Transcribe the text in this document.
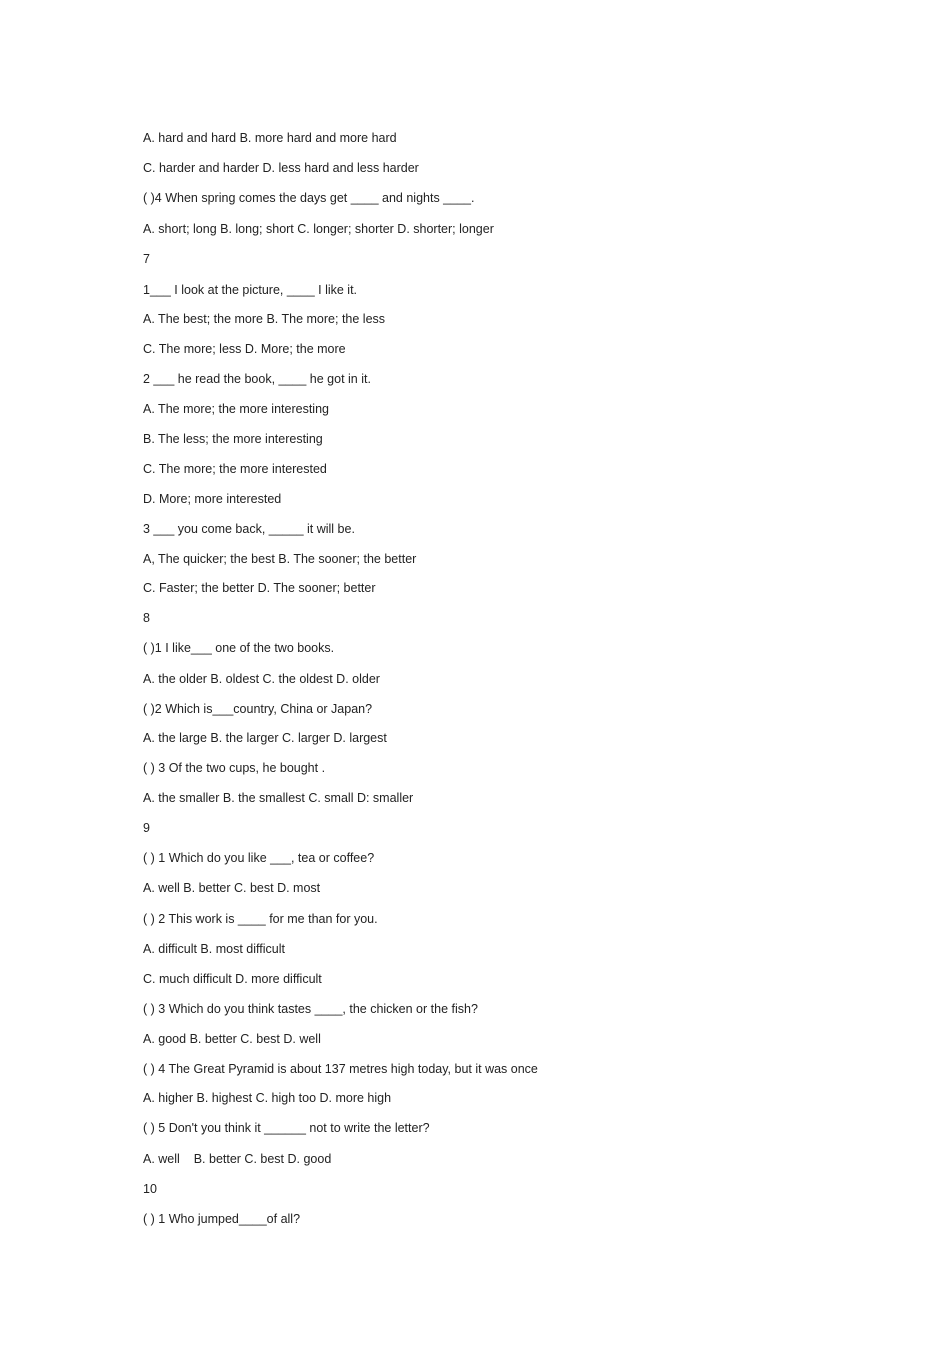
A. hard and hard B. more hard and more hard

C. harder and harder D. less hard and less harder

( )4 When spring comes the days get ____ and nights ____.

A. short; long B. long; short C. longer; shorter D. shorter; longer

7

1___ I look at the picture, ____ I like it.

A. The best; the more B. The more; the less

C. The more; less D. More; the more

2 ___ he read the book, ____ he got in it.

A. The more; the more interesting

B. The less; the more interesting

C. The more; the more interested

D. More; more interested

3 ___ you come back, _____ it will be.

A, The quicker; the best B. The sooner; the better

C. Faster; the better D. The sooner; better

8

( )1 I like___ one of the two books.

A. the older B. oldest C. the oldest D. older

( )2 Which is___country, China or Japan?

A. the large B. the larger C. larger D. largest

( ) 3 Of the two cups, he bought .

A. the smaller B. the smallest C. small D: smaller

9

( ) 1 Which do you like ___, tea or coffee?

A. well B. better C. best D. most

( ) 2 This work is ____ for me than for you.

A. difficult B. most difficult

C. much difficult D. more difficult

( ) 3 Which do you think tastes ____, the chicken or the fish?

A. good B. better C. best D. well

( ) 4 The Great Pyramid is about 137 metres high today, but it was once

A. higher B. highest C. high too D. more high

( ) 5 Don't you think it ______ not to write the letter?

A. well    B. better C. best D. good

10

( ) 1 Who jumped____of all?
